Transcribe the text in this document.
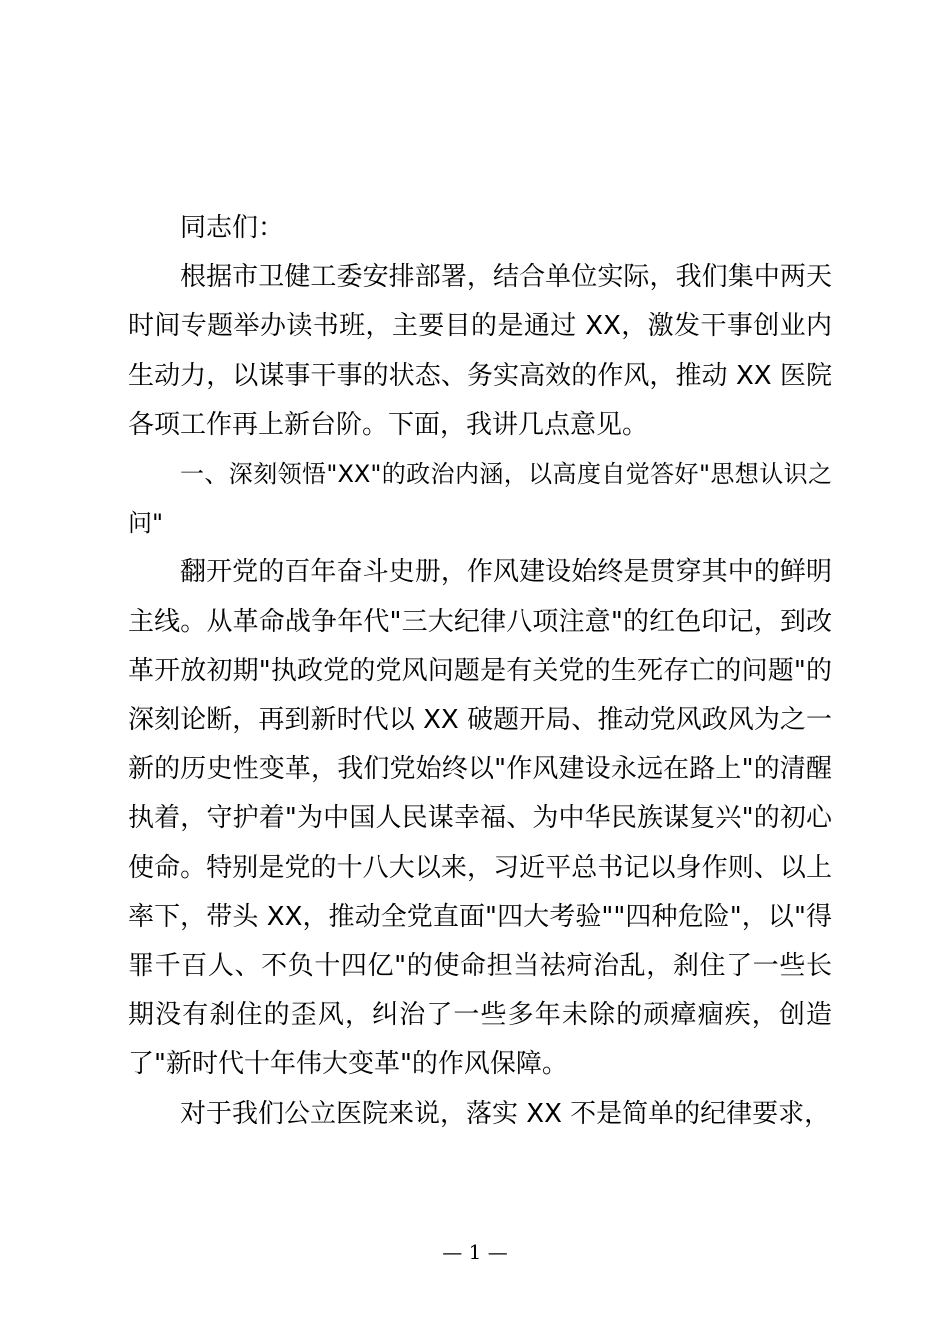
同志们：

根据市卫健工委安排部署，结合单位实际，我们集中两天时间专题举办读书班，主要目的是通过 XX，激发干事创业内生动力，以谋事干事的状态、务实高效的作风，推动 XX 医院各项工作再上新台阶。下面，我讲几点意见。

一、深刻领悟"XX"的政治内涵，以高度自觉答好"思想认识之问"

翻开党的百年奋斗史册，作风建设始终是贯穿其中的鲜明主线。从革命战争年代"三大纪律八项注意"的红色印记，到改革开放初期"执政党的党风问题是有关党的生死存亡的问题"的深刻论断，再到新时代以 XX 破题开局、推动党风政风为之一新的历史性变革，我们党始终以"作风建设永远在路上"的清醒执着，守护着"为中国人民谋幸福、为中华民族谋复兴"的初心使命。特别是党的十八大以来，习近平总书记以身作则、以上率下，带头 XX，推动全党直面"四大考验""四种危险"，以"得罪千百人、不负十四亿"的使命担当祛疴治乱，刹住了一些长期没有刹住的歪风，纠治了一些多年未除的顽瘴痼疾，创造了"新时代十年伟大变革"的作风保障。

对于我们公立医院来说，落实 XX 不是简单的纪律要求，

— 1 —
